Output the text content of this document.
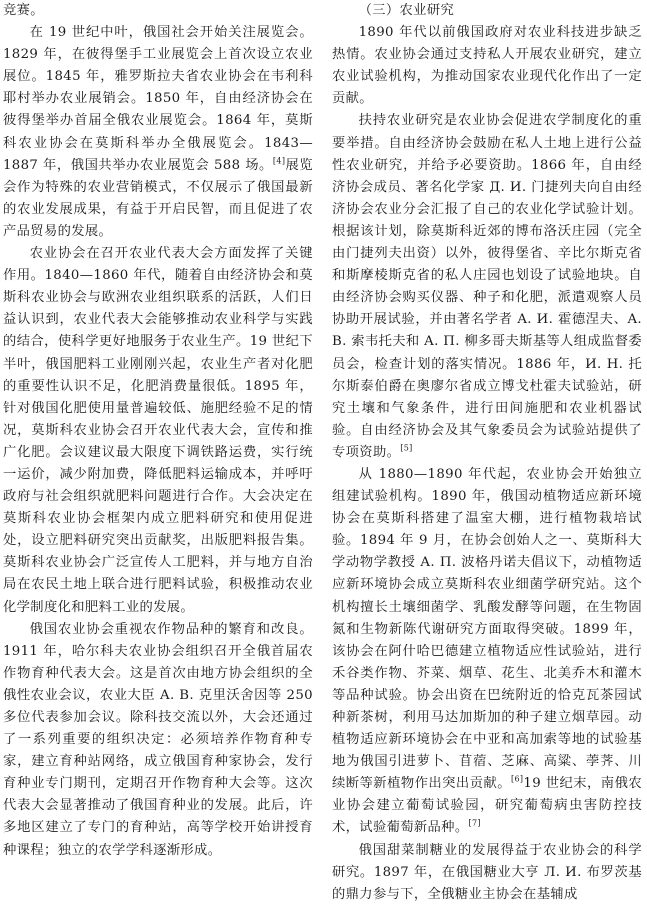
竞赛。

在 19 世纪中叶，俄国社会开始关注展览会。1829 年，在彼得堡手工业展览会上首次设立农业展位。1845 年，雅罗斯拉夫省农业协会在韦利科耶村举办农业展销会。1850 年，自由经济协会在彼得堡举办首届全俄农业展览会。1864 年，莫斯科农业协会在莫斯科举办全俄展览会。1843—1887 年，俄国共举办农业展览会 588 场。[4]展览会作为特殊的农业营销模式，不仅展示了俄国最新的农业发展成果，有益于开启民智，而且促进了农产品贸易的发展。

农业协会在召开农业代表大会方面发挥了关键作用。1840—1860 年代，随着自由经济协会和莫斯科农业协会与欧洲农业组织联系的活跃，人们日益认识到，农业代表大会能够推动农业科学与实践的结合，使科学更好地服务于农业生产。19 世纪下半叶，俄国肥料工业刚刚兴起，农业生产者对化肥的重要性认识不足，化肥消费量很低。1895 年，针对俄国化肥使用量普遍较低、施肥经验不足的情况，莫斯科农业协会召开农业代表大会，宣传和推广化肥。会议建议最大限度下调铁路运费，实行统一运价，减少附加费，降低肥料运输成本，并呼吁政府与社会组织就肥料问题进行合作。大会决定在莫斯科农业协会框架内成立肥料研究和使用促进处，设立肥料研究突出贡献奖，出版肥料报告集。莫斯科农业协会广泛宣传人工肥料，并与地方自治局在农民土地上联合进行肥料试验，积极推动农业化学制度化和肥料工业的发展。

俄国农业协会重视农作物品种的繁育和改良。1911 年，哈尔科夫农业协会组织召开全俄首届农作物育种代表大会。这是首次由地方协会组织的全俄性农业会议，农业大臣 A. B. 克里沃舍因等 250 多位代表参加会议。除科技交流以外，大会还通过了一系列重要的组织决定：必须培养作物育种专家，建立育种站网络，成立俄国育种家协会，发行育种业专门期刊，定期召开作物育种大会等。这次代表大会显著推动了俄国育种业的发展。此后，许多地区建立了专门的育种站，高等学校开始讲授育种课程；独立的农学学科逐渐形成。

（三）农业研究

1890 年代以前俄国政府对农业科技进步缺乏热情。农业协会通过支持私人开展农业研究，建立农业试验机构，为推动国家农业现代化作出了一定贡献。

扶持农业研究是农业协会促进农学制度化的重要举措。自由经济协会鼓励在私人土地上进行公益性农业研究，并给予必要资助。1866 年，自由经济协会成员、著名化学家 Д. И. 门捷列夫向自由经济协会农业分会汇报了自己的农业化学试验计划。根据该计划，除莫斯科近郊的博布洛沃庄园（完全由门捷列夫出资）以外，彼得堡省、辛比尔斯克省和斯摩棱斯克省的私人庄园也划设了试验地块。自由经济协会购买仪器、种子和化肥，派遣观察人员协助开展试验，并由著名学者 A. И. 霍德涅夫、A. B. 索韦托夫和 A. П. 柳多哥夫斯基等人组成监督委员会，检查计划的落实情况。1886 年，И. Н. 托尔斯泰伯爵在奥廖尔省成立博戈杜霍夫试验站，研究土壤和气象条件，进行田间施肥和农业机器试验。自由经济协会及其气象委员会为试验站提供了专项资助。[5]

从 1880—1890 年代起，农业协会开始独立组建试验机构。1890 年，俄国动植物适应新环境协会在莫斯科搭建了温室大棚，进行植物栽培试验。1894 年 9 月，在协会创始人之一、莫斯科大学动物学教授 A. П. 波格丹诺夫倡议下，动植物适应新环境协会成立莫斯科农业细菌学研究站。这个机构擅长土壤细菌学、乳酸发酵等问题，在生物固氮和生物新陈代谢研究方面取得突破。1899 年，该协会在阿什哈巴德建立植物适应性试验站，进行禾谷类作物、芥菜、烟草、花生、北美乔木和灌木等品种试验。协会出资在巴统附近的恰克瓦茶园试种新茶树，利用马达加斯加的种子建立烟草园。动植物适应新环境协会在中亚和高加索等地的试验基地为俄国引进萝卜、苜蓿、芝麻、高粱、荸荠、川续断等新植物作出突出贡献。[6]19 世纪末，南俄农业协会建立葡萄试验园，研究葡萄病虫害防控技术，试验葡萄新品种。[7]

俄国甜菜制糖业的发展得益于农业协会的科学研究。1897 年，在俄国糖业大亨 Л. И. 布罗茨基的鼎力参与下，全俄糖业主协会在基辅成
